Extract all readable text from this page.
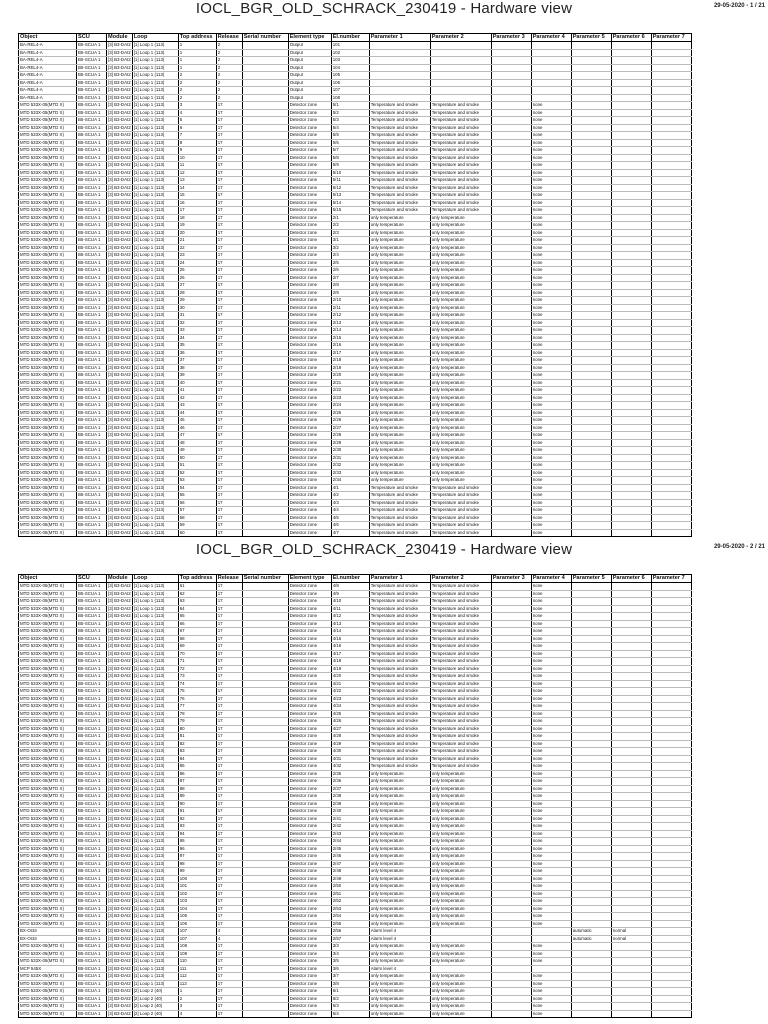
IOCL_BGR_OLD_SCHRACK_230419 - Hardware view	29-05-2020 - 1 / 21
Object	SCU	Module	Loop	Top address	Release	Serial number	Element type	El.number	Parameter 1	Parameter 2	Parameter 3	Parameter 4	Parameter 5	Parameter 6	Parameter 7
BA-REL4-A	B5-SCUA 1	[3] B3-DAI2	[1] Loop 1 (113)	1	2		Output	101							
BA-REL4-A	B5-SCUA 1	[3] B3-DAI2	[1] Loop 1 (113)	1	2		Output	102							
BA-REL4-A	B5-SCUA 1	[3] B3-DAI2	[1] Loop 1 (113)	1	2		Output	103							
BA-REL4-A	B5-SCUA 1	[3] B3-DAI2	[1] Loop 1 (113)	1	2		Output	104							
BA-REL4-A	B5-SCUA 1	[3] B3-DAI2	[1] Loop 1 (113)	2	2		Output	105							
BA-REL4-A	B5-SCUA 1	[3] B3-DAI2	[1] Loop 1 (113)	2	2		Output	106							
BA-REL4-A	B5-SCUA 1	[3] B3-DAI2	[1] Loop 1 (113)	2	2		Output	107							
BA-REL4-A	B5-SCUA 1	[3] B3-DAI2	[1] Loop 1 (113)	2	2		Output	108							
MTD 533X-05(MTD X)	B5-SCUA 1	[3] B3-DAI2	[1] Loop 1 (113)	3	17		Detector zone	5/1	Temperature and smoke	Temperature and smoke		none			
MTD 533X-05(MTD X)	B5-SCUA 1	[3] B3-DAI2	[1] Loop 1 (113)	4	17		Detector zone	5/2	Temperature and smoke	Temperature and smoke		none			
MTD 533X-05(MTD X)	B5-SCUA 1	[3] B3-DAI2	[1] Loop 1 (113)	5	17		Detector zone	5/3	Temperature and smoke	Temperature and smoke		none			
MTD 533X-05(MTD X)	B5-SCUA 1	[3] B3-DAI2	[1] Loop 1 (113)	6	17		Detector zone	5/4	Temperature and smoke	Temperature and smoke		none			
MTD 533X-05(MTD X)	B5-SCUA 1	[3] B3-DAI2	[1] Loop 1 (113)	7	17		Detector zone	5/5	Temperature and smoke	Temperature and smoke		none			
MTD 533X-05(MTD X)	B5-SCUA 1	[3] B3-DAI2	[1] Loop 1 (113)	8	17		Detector zone	5/6	Temperature and smoke	Temperature and smoke		none			
MTD 533X-05(MTD X)	B5-SCUA 1	[3] B3-DAI2	[1] Loop 1 (113)	9	17		Detector zone	5/7	Temperature and smoke	Temperature and smoke		none			
MTD 533X-05(MTD X)	B5-SCUA 1	[3] B3-DAI2	[1] Loop 1 (113)	10	17		Detector zone	5/8	Temperature and smoke	Temperature and smoke		none			
MTD 533X-05(MTD X)	B5-SCUA 1	[3] B3-DAI2	[1] Loop 1 (113)	11	17		Detector zone	5/9	Temperature and smoke	Temperature and smoke		none			
MTD 533X-05(MTD X)	B5-SCUA 1	[3] B3-DAI2	[1] Loop 1 (113)	12	17		Detector zone	5/10	Temperature and smoke	Temperature and smoke		none			
MTD 533X-05(MTD X)	B5-SCUA 1	[3] B3-DAI2	[1] Loop 1 (113)	13	17		Detector zone	5/11	Temperature and smoke	Temperature and smoke		none			
MTD 533X-05(MTD X)	B5-SCUA 1	[3] B3-DAI2	[1] Loop 1 (113)	14	17		Detector zone	5/12	Temperature and smoke	Temperature and smoke		none			
MTD 533X-05(MTD X)	B5-SCUA 1	[3] B3-DAI2	[1] Loop 1 (113)	15	17		Detector zone	5/13	Temperature and smoke	Temperature and smoke		none			
MTD 533X-05(MTD X)	B5-SCUA 1	[3] B3-DAI2	[1] Loop 1 (113)	16	17		Detector zone	5/14	Temperature and smoke	Temperature and smoke		none			
MTD 533X-05(MTD X)	B5-SCUA 1	[3] B3-DAI2	[1] Loop 1 (113)	17	17		Detector zone	5/15	Temperature and smoke	Temperature and smoke		none			
MTD 533X-05(MTD X)	B5-SCUA 1	[3] B3-DAI2	[1] Loop 1 (113)	18	17		Detector zone	2/1	only temperature	only temperature		none			
MTD 533X-05(MTD X)	B5-SCUA 1	[3] B3-DAI2	[1] Loop 1 (113)	19	17		Detector zone	2/2	only temperature	only temperature		none			
MTD 533X-05(MTD X)	B5-SCUA 1	[3] B3-DAI2	[1] Loop 1 (113)	20	17		Detector zone	2/3	only temperature	only temperature		none			
MTD 533X-05(MTD X)	B5-SCUA 1	[3] B3-DAI2	[1] Loop 1 (113)	21	17		Detector zone	3/1	only temperature	only temperature		none			
MTD 533X-05(MTD X)	B5-SCUA 1	[3] B3-DAI2	[1] Loop 1 (113)	22	17		Detector zone	3/2	only temperature	only temperature		none			
MTD 533X-05(MTD X)	B5-SCUA 1	[3] B3-DAI2	[1] Loop 1 (113)	23	17		Detector zone	2/4	only temperature	only temperature		none			
MTD 533X-05(MTD X)	B5-SCUA 1	[3] B3-DAI2	[1] Loop 1 (113)	24	17		Detector zone	2/5	only temperature	only temperature		none			
MTD 533X-05(MTD X)	B5-SCUA 1	[3] B3-DAI2	[1] Loop 1 (113)	25	17		Detector zone	2/6	only temperature	only temperature		none			
MTD 533X-05(MTD X)	B5-SCUA 1	[3] B3-DAI2	[1] Loop 1 (113)	26	17		Detector zone	2/7	only temperature	only temperature		none			
MTD 533X-05(MTD X)	B5-SCUA 1	[3] B3-DAI2	[1] Loop 1 (113)	27	17		Detector zone	2/8	only temperature	only temperature		none			
MTD 533X-05(MTD X)	B5-SCUA 1	[3] B3-DAI2	[1] Loop 1 (113)	28	17		Detector zone	2/9	only temperature	only temperature		none			
MTD 533X-05(MTD X)	B5-SCUA 1	[3] B3-DAI2	[1] Loop 1 (113)	29	17		Detector zone	2/10	only temperature	only temperature		none			
MTD 533X-05(MTD X)	B5-SCUA 1	[3] B3-DAI2	[1] Loop 1 (113)	30	17		Detector zone	2/11	only temperature	only temperature		none			
MTD 533X-05(MTD X)	B5-SCUA 1	[3] B3-DAI2	[1] Loop 1 (113)	31	17		Detector zone	2/12	only temperature	only temperature		none			
MTD 533X-05(MTD X)	B5-SCUA 1	[3] B3-DAI2	[1] Loop 1 (113)	32	17		Detector zone	2/13	only temperature	only temperature		none			
MTD 533X-05(MTD X)	B5-SCUA 1	[3] B3-DAI2	[1] Loop 1 (113)	33	17		Detector zone	2/14	only temperature	only temperature		none			
MTD 533X-05(MTD X)	B5-SCUA 1	[3] B3-DAI2	[1] Loop 1 (113)	34	17		Detector zone	2/15	only temperature	only temperature		none			
MTD 533X-05(MTD X)	B5-SCUA 1	[3] B3-DAI2	[1] Loop 1 (113)	35	17		Detector zone	2/16	only temperature	only temperature		none			
MTD 533X-05(MTD X)	B5-SCUA 1	[3] B3-DAI2	[1] Loop 1 (113)	36	17		Detector zone	2/17	only temperature	only temperature		none			
MTD 533X-05(MTD X)	B5-SCUA 1	[3] B3-DAI2	[1] Loop 1 (113)	37	17		Detector zone	2/18	only temperature	only temperature		none			
MTD 533X-05(MTD X)	B5-SCUA 1	[3] B3-DAI2	[1] Loop 1 (113)	38	17		Detector zone	2/19	only temperature	only temperature		none			
MTD 533X-05(MTD X)	B5-SCUA 1	[3] B3-DAI2	[1] Loop 1 (113)	39	17		Detector zone	2/20	only temperature	only temperature		none			
MTD 533X-05(MTD X)	B5-SCUA 1	[3] B3-DAI2	[1] Loop 1 (113)	40	17		Detector zone	2/21	only temperature	only temperature		none			
MTD 533X-05(MTD X)	B5-SCUA 1	[3] B3-DAI2	[1] Loop 1 (113)	41	17		Detector zone	2/22	only temperature	only temperature		none			
MTD 533X-05(MTD X)	B5-SCUA 1	[3] B3-DAI2	[1] Loop 1 (113)	42	17		Detector zone	2/23	only temperature	only temperature		none			
MTD 533X-05(MTD X)	B5-SCUA 1	[3] B3-DAI2	[1] Loop 1 (113)	43	17		Detector zone	2/24	only temperature	only temperature		none			
MTD 533X-05(MTD X)	B5-SCUA 1	[3] B3-DAI2	[1] Loop 1 (113)	44	17		Detector zone	2/25	only temperature	only temperature		none			
MTD 533X-05(MTD X)	B5-SCUA 1	[3] B3-DAI2	[1] Loop 1 (113)	45	17		Detector zone	2/26	only temperature	only temperature		none			
MTD 533X-05(MTD X)	B5-SCUA 1	[3] B3-DAI2	[1] Loop 1 (113)	46	17		Detector zone	2/27	only temperature	only temperature		none			
MTD 533X-05(MTD X)	B5-SCUA 1	[3] B3-DAI2	[1] Loop 1 (113)	47	17		Detector zone	2/28	only temperature	only temperature		none			
MTD 533X-05(MTD X)	B5-SCUA 1	[3] B3-DAI2	[1] Loop 1 (113)	48	17		Detector zone	2/29	only temperature	only temperature		none			
MTD 533X-05(MTD X)	B5-SCUA 1	[3] B3-DAI2	[1] Loop 1 (113)	49	17		Detector zone	2/30	only temperature	only temperature		none			
MTD 533X-05(MTD X)	B5-SCUA 1	[3] B3-DAI2	[1] Loop 1 (113)	50	17		Detector zone	2/31	only temperature	only temperature		none			
MTD 533X-05(MTD X)	B5-SCUA 1	[3] B3-DAI2	[1] Loop 1 (113)	51	17		Detector zone	2/32	only temperature	only temperature		none			
MTD 533X-05(MTD X)	B5-SCUA 1	[3] B3-DAI2	[1] Loop 1 (113)	52	17		Detector zone	2/33	only temperature	only temperature		none			
MTD 533X-05(MTD X)	B5-SCUA 1	[3] B3-DAI2	[1] Loop 1 (113)	53	17		Detector zone	2/34	only temperature	only temperature		none			
MTD 533X-05(MTD X)	B5-SCUA 1	[3] B3-DAI2	[1] Loop 1 (113)	54	17		Detector zone	4/1	Temperature and smoke	Temperature and smoke		none			
MTD 533X-05(MTD X)	B5-SCUA 1	[3] B3-DAI2	[1] Loop 1 (113)	55	17		Detector zone	4/2	Temperature and smoke	Temperature and smoke		none			
MTD 533X-05(MTD X)	B5-SCUA 1	[3] B3-DAI2	[1] Loop 1 (113)	56	17		Detector zone	4/3	Temperature and smoke	Temperature and smoke		none			
MTD 533X-05(MTD X)	B5-SCUA 1	[3] B3-DAI2	[1] Loop 1 (113)	57	17		Detector zone	4/4	Temperature and smoke	Temperature and smoke		none			
MTD 533X-05(MTD X)	B5-SCUA 1	[3] B3-DAI2	[1] Loop 1 (113)	58	17		Detector zone	4/5	Temperature and smoke	Temperature and smoke		none			
MTD 533X-05(MTD X)	B5-SCUA 1	[3] B3-DAI2	[1] Loop 1 (113)	59	17		Detector zone	4/6	Temperature and smoke	Temperature and smoke		none			
MTD 533X-05(MTD X)	B5-SCUA 1	[3] B3-DAI2	[1] Loop 1 (113)	60	17		Detector zone	4/7	Temperature and smoke	Temperature and smoke		none			
IOCL_BGR_OLD_SCHRACK_230419 - Hardware view	29-05-2020 - 2 / 21
Object	SCU	Module	Loop	Top address	Release	Serial number	Element type	El.number	Parameter 1	Parameter 2	Parameter 3	Parameter 4	Parameter 5	Parameter 6	Parameter 7
MTD 533X-05(MTD X)	B5-SCUA 1	[3] B3-DAI2	[1] Loop 1 (113)	61	17		Detector zone	4/8	Temperature and smoke	Temperature and smoke		none			
MTD 533X-05(MTD X)	B5-SCUA 1	[3] B3-DAI2	[1] Loop 1 (113)	62	17		Detector zone	4/9	Temperature and smoke	Temperature and smoke		none			
MTD 533X-05(MTD X)	B5-SCUA 1	[3] B3-DAI2	[1] Loop 1 (113)	63	17		Detector zone	4/10	Temperature and smoke	Temperature and smoke		none			
MTD 533X-05(MTD X)	B5-SCUA 1	[3] B3-DAI2	[1] Loop 1 (113)	64	17		Detector zone	4/11	Temperature and smoke	Temperature and smoke		none			
MTD 533X-05(MTD X)	B5-SCUA 1	[3] B3-DAI2	[1] Loop 1 (113)	65	17		Detector zone	4/12	Temperature and smoke	Temperature and smoke		none			
MTD 533X-05(MTD X)	B5-SCUA 1	[3] B3-DAI2	[1] Loop 1 (113)	66	17		Detector zone	4/13	Temperature and smoke	Temperature and smoke		none			
MTD 533X-05(MTD X)	B5-SCUA 1	[3] B3-DAI2	[1] Loop 1 (113)	67	17		Detector zone	4/14	Temperature and smoke	Temperature and smoke		none			
MTD 533X-05(MTD X)	B5-SCUA 1	[3] B3-DAI2	[1] Loop 1 (113)	68	17		Detector zone	4/15	Temperature and smoke	Temperature and smoke		none			
MTD 533X-05(MTD X)	B5-SCUA 1	[3] B3-DAI2	[1] Loop 1 (113)	69	17		Detector zone	4/16	Temperature and smoke	Temperature and smoke		none			
MTD 533X-05(MTD X)	B5-SCUA 1	[3] B3-DAI2	[1] Loop 1 (113)	70	17		Detector zone	4/17	Temperature and smoke	Temperature and smoke		none			
MTD 533X-05(MTD X)	B5-SCUA 1	[3] B3-DAI2	[1] Loop 1 (113)	71	17		Detector zone	4/18	Temperature and smoke	Temperature and smoke		none			
MTD 533X-05(MTD X)	B5-SCUA 1	[3] B3-DAI2	[1] Loop 1 (113)	72	17		Detector zone	4/19	Temperature and smoke	Temperature and smoke		none			
MTD 533X-05(MTD X)	B5-SCUA 1	[3] B3-DAI2	[1] Loop 1 (113)	73	17		Detector zone	4/20	Temperature and smoke	Temperature and smoke		none			
MTD 533X-05(MTD X)	B5-SCUA 1	[3] B3-DAI2	[1] Loop 1 (113)	74	17		Detector zone	4/21	Temperature and smoke	Temperature and smoke		none			
MTD 533X-05(MTD X)	B5-SCUA 1	[3] B3-DAI2	[1] Loop 1 (113)	75	17		Detector zone	4/22	Temperature and smoke	Temperature and smoke		none			
MTD 533X-05(MTD X)	B5-SCUA 1	[3] B3-DAI2	[1] Loop 1 (113)	76	17		Detector zone	4/23	Temperature and smoke	Temperature and smoke		none			
MTD 533X-05(MTD X)	B5-SCUA 1	[3] B3-DAI2	[1] Loop 1 (113)	77	17		Detector zone	4/24	Temperature and smoke	Temperature and smoke		none			
MTD 533X-05(MTD X)	B5-SCUA 1	[3] B3-DAI2	[1] Loop 1 (113)	78	17		Detector zone	4/25	Temperature and smoke	Temperature and smoke		none			
MTD 533X-05(MTD X)	B5-SCUA 1	[3] B3-DAI2	[1] Loop 1 (113)	79	17		Detector zone	4/26	Temperature and smoke	Temperature and smoke		none			
MTD 533X-05(MTD X)	B5-SCUA 1	[3] B3-DAI2	[1] Loop 1 (113)	80	17		Detector zone	4/27	Temperature and smoke	Temperature and smoke		none			
MTD 533X-05(MTD X)	B5-SCUA 1	[3] B3-DAI2	[1] Loop 1 (113)	81	17		Detector zone	4/28	Temperature and smoke	Temperature and smoke		none			
MTD 533X-05(MTD X)	B5-SCUA 1	[3] B3-DAI2	[1] Loop 1 (113)	82	17		Detector zone	4/29	Temperature and smoke	Temperature and smoke		none			
MTD 533X-05(MTD X)	B5-SCUA 1	[3] B3-DAI2	[1] Loop 1 (113)	83	17		Detector zone	4/30	Temperature and smoke	Temperature and smoke		none			
MTD 533X-05(MTD X)	B5-SCUA 1	[3] B3-DAI2	[1] Loop 1 (113)	84	17		Detector zone	4/31	Temperature and smoke	Temperature and smoke		none			
MTD 533X-05(MTD X)	B5-SCUA 1	[3] B3-DAI2	[1] Loop 1 (113)	85	17		Detector zone	4/32	Temperature and smoke	Temperature and smoke		none			
MTD 533X-05(MTD X)	B5-SCUA 1	[3] B3-DAI2	[1] Loop 1 (113)	86	17		Detector zone	2/35	only temperature	only temperature		none			
MTD 533X-05(MTD X)	B5-SCUA 1	[3] B3-DAI2	[1] Loop 1 (113)	87	17		Detector zone	2/36	only temperature	only temperature		none			
MTD 533X-05(MTD X)	B5-SCUA 1	[3] B3-DAI2	[1] Loop 1 (113)	88	17		Detector zone	2/37	only temperature	only temperature		none			
MTD 533X-05(MTD X)	B5-SCUA 1	[3] B3-DAI2	[1] Loop 1 (113)	89	17		Detector zone	2/38	only temperature	only temperature		none			
MTD 533X-05(MTD X)	B5-SCUA 1	[3] B3-DAI2	[1] Loop 1 (113)	90	17		Detector zone	2/39	only temperature	only temperature		none			
MTD 533X-05(MTD X)	B5-SCUA 1	[3] B3-DAI2	[1] Loop 1 (113)	91	17		Detector zone	2/40	only temperature	only temperature		none			
MTD 533X-05(MTD X)	B5-SCUA 1	[3] B3-DAI2	[1] Loop 1 (113)	92	17		Detector zone	2/41	only temperature	only temperature		none			
MTD 533X-05(MTD X)	B5-SCUA 1	[3] B3-DAI2	[1] Loop 1 (113)	93	17		Detector zone	2/42	only temperature	only temperature		none			
MTD 533X-05(MTD X)	B5-SCUA 1	[3] B3-DAI2	[1] Loop 1 (113)	94	17		Detector zone	2/43	only temperature	only temperature		none			
MTD 533X-05(MTD X)	B5-SCUA 1	[3] B3-DAI2	[1] Loop 1 (113)	95	17		Detector zone	2/44	only temperature	only temperature		none			
MTD 533X-05(MTD X)	B5-SCUA 1	[3] B3-DAI2	[1] Loop 1 (113)	96	17		Detector zone	2/45	only temperature	only temperature		none			
MTD 533X-05(MTD X)	B5-SCUA 1	[3] B3-DAI2	[1] Loop 1 (113)	97	17		Detector zone	2/46	only temperature	only temperature		none			
MTD 533X-05(MTD X)	B5-SCUA 1	[3] B3-DAI2	[1] Loop 1 (113)	98	17		Detector zone	2/47	only temperature	only temperature		none			
MTD 533X-05(MTD X)	B5-SCUA 1	[3] B3-DAI2	[1] Loop 1 (113)	99	17		Detector zone	2/48	only temperature	only temperature		none			
MTD 533X-05(MTD X)	B5-SCUA 1	[3] B3-DAI2	[1] Loop 1 (113)	100	17		Detector zone	2/49	only temperature	only temperature		none			
MTD 533X-05(MTD X)	B5-SCUA 1	[3] B3-DAI2	[1] Loop 1 (113)	101	17		Detector zone	2/50	only temperature	only temperature		none			
MTD 533X-05(MTD X)	B5-SCUA 1	[3] B3-DAI2	[1] Loop 1 (113)	102	17		Detector zone	2/51	only temperature	only temperature		none			
MTD 533X-05(MTD X)	B5-SCUA 1	[3] B3-DAI2	[1] Loop 1 (113)	103	17		Detector zone	2/52	only temperature	only temperature		none			
MTD 533X-05(MTD X)	B5-SCUA 1	[3] B3-DAI2	[1] Loop 1 (113)	104	17		Detector zone	2/53	only temperature	only temperature		none			
MTD 533X-05(MTD X)	B5-SCUA 1	[3] B3-DAI2	[1] Loop 1 (113)	105	17		Detector zone	2/54	only temperature	only temperature		none			
MTD 533X-05(MTD X)	B5-SCUA 1	[3] B3-DAI2	[1] Loop 1 (113)	106	17		Detector zone	2/55	only temperature	only temperature		none			
BX-OI34	B5-SCUA 1	[3] B3-DAI2	[1] Loop 1 (113)	107	4		Detector zone	2/56	Alarm level 4				automatic	normal	
BX-OI34	B5-SCUA 1	[3] B3-DAI2	[1] Loop 1 (113)	107	4		Detector zone	2/57	Alarm level 4				automatic	normal	
MTD 533X-05(MTD X)	B5-SCUA 1	[3] B3-DAI2	[1] Loop 1 (113)	108	17		Detector zone	3/3	only temperature	only temperature		none			
MTD 533X-05(MTD X)	B5-SCUA 1	[3] B3-DAI2	[1] Loop 1 (113)	109	17		Detector zone	3/4	only temperature	only temperature		none			
MTD 533X-05(MTD X)	B5-SCUA 1	[3] B3-DAI2	[1] Loop 1 (113)	110	17		Detector zone	3/5	only temperature	only temperature		none			
MCP 545X	B5-SCUA 1	[3] B3-DAI2	[1] Loop 1 (113)	111	17		Detector zone	3/6	Alarm level 4						
MTD 533X-05(MTD X)	B5-SCUA 1	[3] B3-DAI2	[1] Loop 1 (113)	112	17		Detector zone	3/7	only temperature	only temperature		none			
MTD 533X-05(MTD X)	B5-SCUA 1	[3] B3-DAI2	[1] Loop 1 (113)	113	17		Detector zone	3/8	only temperature	only temperature		none			
MTD 533X-05(MTD X)	B5-SCUA 1	[3] B3-DAI2	[2] Loop 2 (40)	1	17		Detector zone	6/1	only temperature	only temperature		none			
MTD 533X-05(MTD X)	B5-SCUA 1	[3] B3-DAI2	[2] Loop 2 (40)	2	17		Detector zone	6/2	only temperature	only temperature		none			
MTD 533X-05(MTD X)	B5-SCUA 1	[3] B3-DAI2	[2] Loop 2 (40)	3	17		Detector zone	6/3	only temperature	only temperature		none			
MTD 533X-05(MTD X)	B5-SCUA 1	[3] B3-DAI2	[2] Loop 2 (40)	4	17		Detector zone	6/4	only temperature	only temperature		none			
